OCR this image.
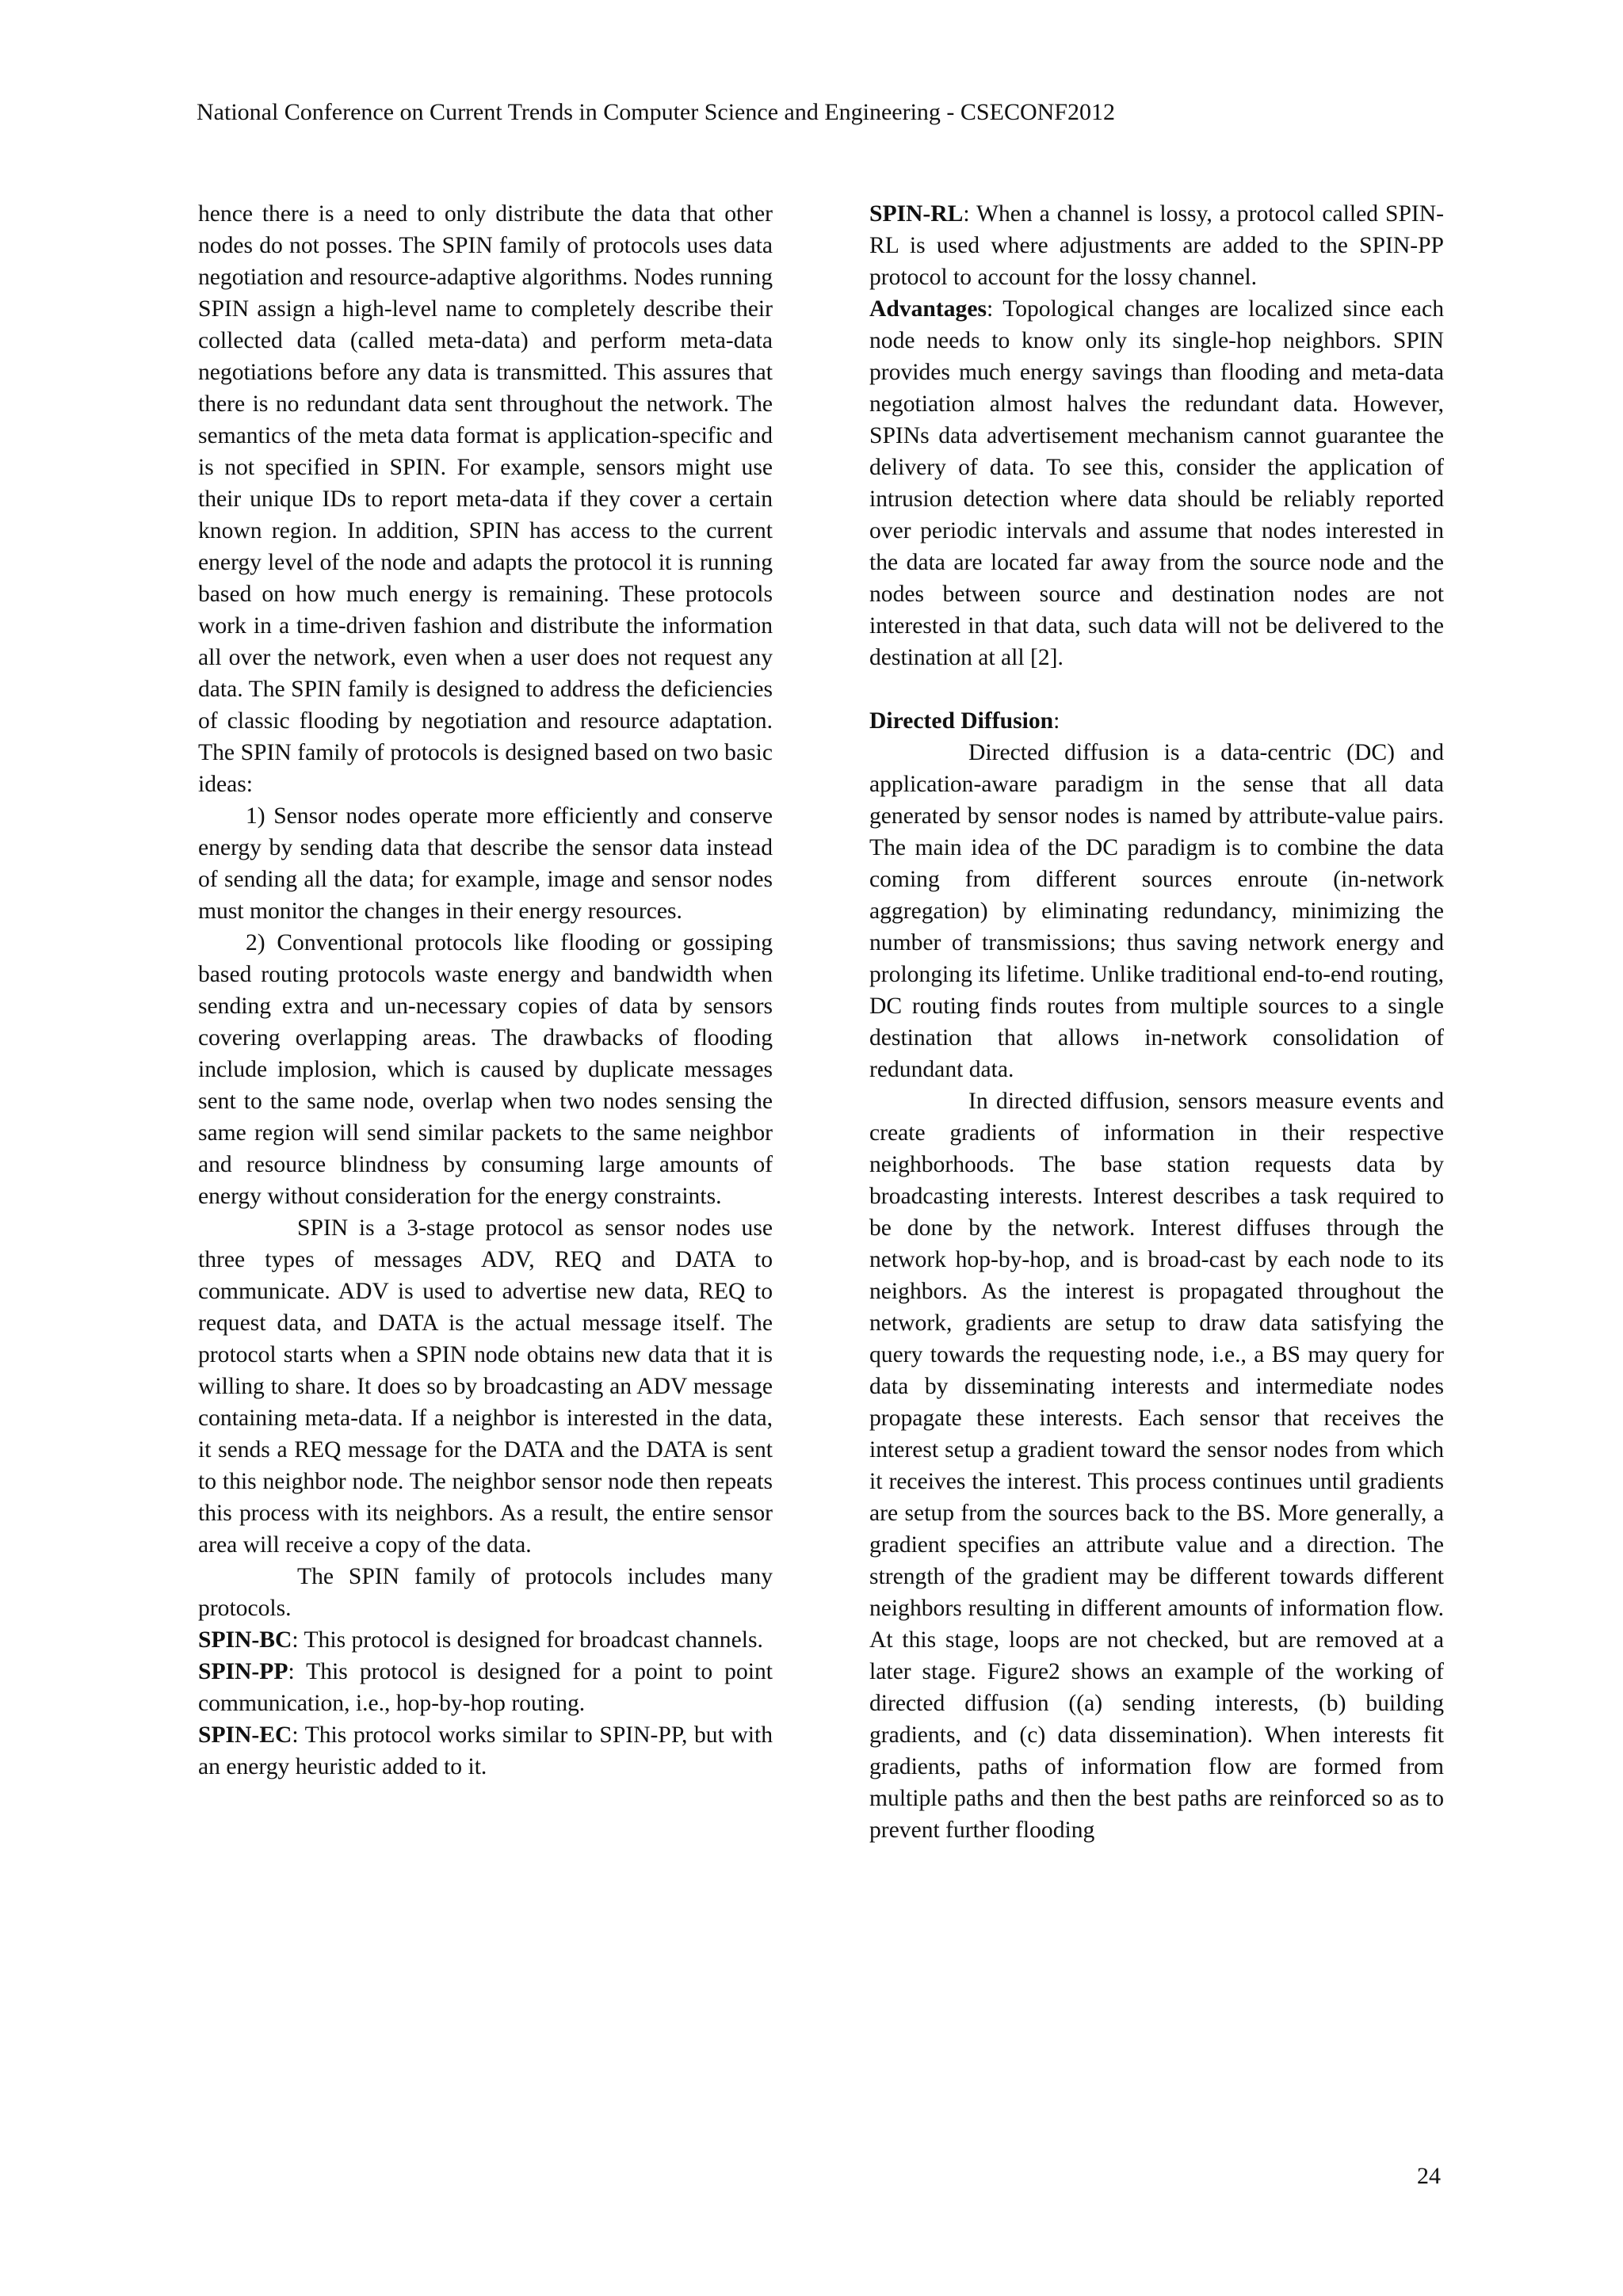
National Conference on Current Trends in Computer Science and Engineering - CSECONF2012

hence there is a need to only distribute the data that other nodes do not posses. The SPIN family of protocols uses data negotiation and resource-adaptive algorithms. Nodes running SPIN assign a high-level name to completely describe their collected data (called meta-data) and perform meta-data negotiations before any data is transmitted. This assures that there is no redundant data sent throughout the network. The semantics of the meta data format is application-specific and is not specified in SPIN. For example, sensors might use their unique IDs to report meta-data if they cover a certain known region. In addition, SPIN has access to the current energy level of the node and adapts the protocol it is running based on how much energy is remaining. These protocols work in a time-driven fashion and distribute the information all over the network, even when a user does not request any data. The SPIN family is designed to address the deficiencies of classic flooding by negotiation and resource adaptation. The SPIN family of protocols is designed based on two basic ideas:

1) Sensor nodes operate more efficiently and conserve energy by sending data that describe the sensor data instead of sending all the data; for example, image and sensor nodes must monitor the changes in their energy resources.

2) Conventional protocols like flooding or gossiping based routing protocols waste energy and bandwidth when sending extra and un-necessary copies of data by sensors covering overlapping areas. The drawbacks of flooding include implosion, which is caused by duplicate messages sent to the same node, overlap when two nodes sensing the same region will send similar packets to the same neighbor and resource blindness by consuming large amounts of energy without consideration for the energy constraints.

SPIN is a 3-stage protocol as sensor nodes use three types of messages ADV, REQ and DATA to communicate. ADV is used to advertise new data, REQ to request data, and DATA is the actual message itself. The protocol starts when a SPIN node obtains new data that it is willing to share. It does so by broadcasting an ADV message containing meta-data. If a neighbor is interested in the data, it sends a REQ message for the DATA and the DATA is sent to this neighbor node. The neighbor sensor node then repeats this process with its neighbors. As a result, the entire sensor area will receive a copy of the data.

The SPIN family of protocols includes many protocols.

SPIN-BC: This protocol is designed for broadcast channels.

SPIN-PP: This protocol is designed for a point to point communication, i.e., hop-by-hop routing.

SPIN-EC: This protocol works similar to SPIN-PP, but with an energy heuristic added to it.

SPIN-RL: When a channel is lossy, a protocol called SPIN-RL is used where adjustments are added to the SPIN-PP protocol to account for the lossy channel.

Advantages: Topological changes are localized since each node needs to know only its single-hop neighbors. SPIN provides much energy savings than flooding and meta-data negotiation almost halves the redundant data. However, SPINs data advertisement mechanism cannot guarantee the delivery of data. To see this, consider the application of intrusion detection where data should be reliably reported over periodic intervals and assume that nodes interested in the data are located far away from the source node and the nodes between source and destination nodes are not interested in that data, such data will not be delivered to the destination at all [2].

Directed Diffusion:

Directed diffusion is a data-centric (DC) and application-aware paradigm in the sense that all data generated by sensor nodes is named by attribute-value pairs. The main idea of the DC paradigm is to combine the data coming from different sources enroute (in-network aggregation) by eliminating redundancy, minimizing the number of transmissions; thus saving network energy and prolonging its lifetime. Unlike traditional end-to-end routing, DC routing finds routes from multiple sources to a single destination that allows in-network consolidation of redundant data.

In directed diffusion, sensors measure events and create gradients of information in their respective neighborhoods. The base station requests data by broadcasting interests. Interest describes a task required to be done by the network. Interest diffuses through the network hop-by-hop, and is broad-cast by each node to its neighbors. As the interest is propagated throughout the network, gradients are setup to draw data satisfying the query towards the requesting node, i.e., a BS may query for data by disseminating interests and intermediate nodes propagate these interests. Each sensor that receives the interest setup a gradient toward the sensor nodes from which it receives the interest. This process continues until gradients are setup from the sources back to the BS. More generally, a gradient specifies an attribute value and a direction. The strength of the gradient may be different towards different neighbors resulting in different amounts of information flow. At this stage, loops are not checked, but are removed at a later stage. Figure2 shows an example of the working of directed diffusion ((a) sending interests, (b) building gradients, and (c) data dissemination). When interests fit gradients, paths of information flow are formed from multiple paths and then the best paths are reinforced so as to prevent further flooding

24
